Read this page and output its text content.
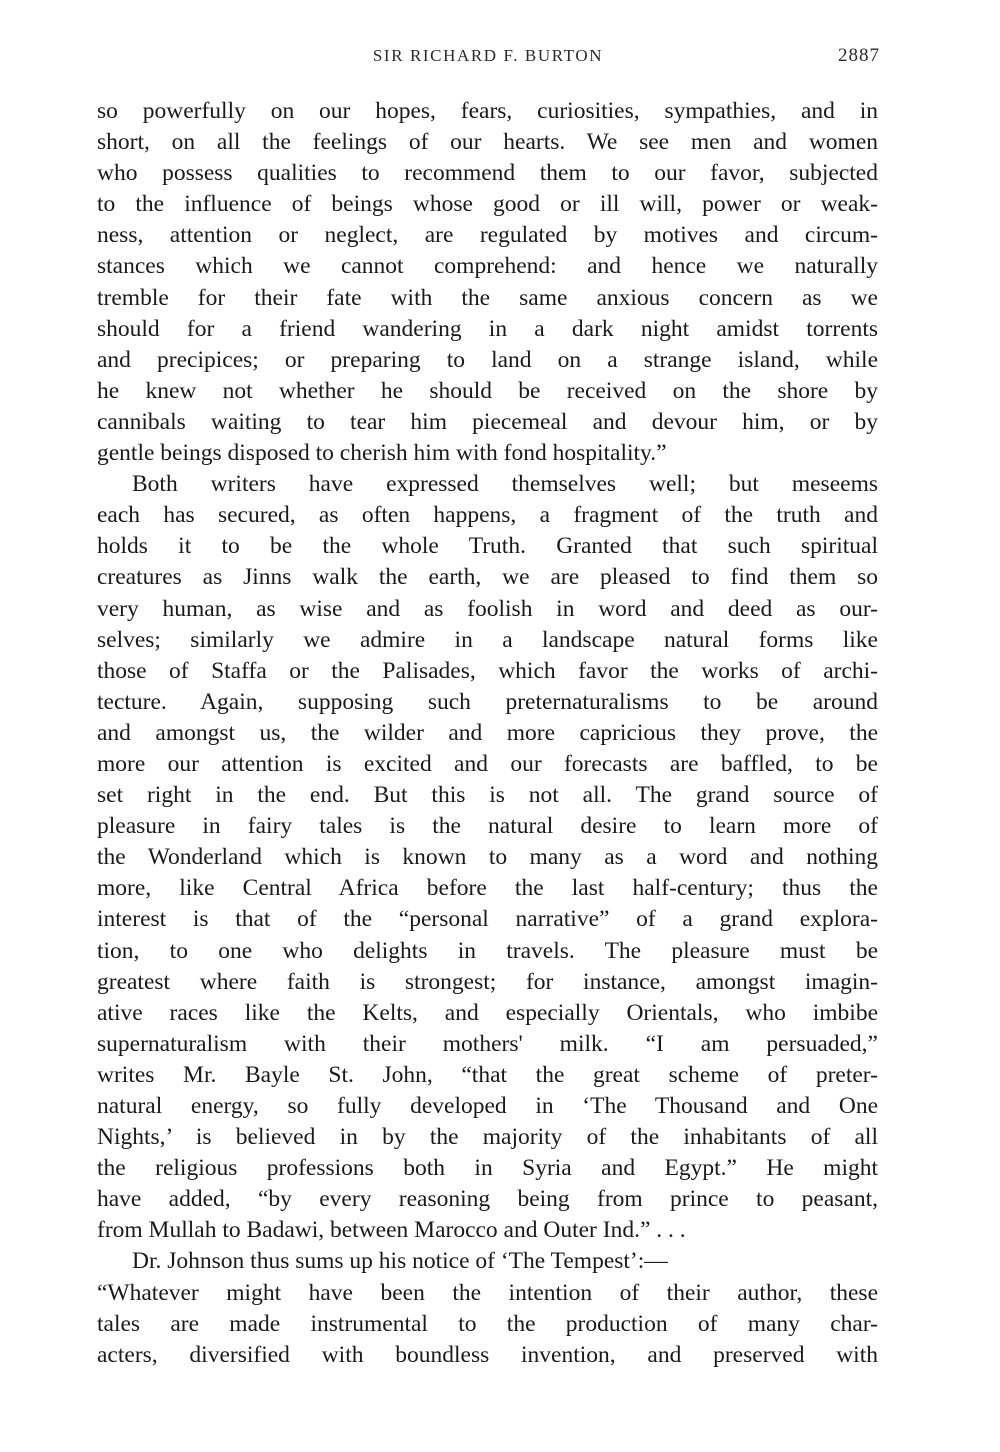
SIR RICHARD F. BURTON	2887
so powerfully on our hopes, fears, curiosities, sympathies, and in
short, on all the feelings of our hearts. We see men and women
who possess qualities to recommend them to our favor, subjected
to the influence of beings whose good or ill will, power or weak-
ness, attention or neglect, are regulated by motives and circum-
stances which we cannot comprehend: and hence we naturally
tremble for their fate with the same anxious concern as we
should for a friend wandering in a dark night amidst torrents
and precipices; or preparing to land on a strange island, while
he knew not whether he should be received on the shore by
cannibals waiting to tear him piecemeal and devour him, or by
gentle beings disposed to cherish him with fond hospitality.”
Both writers have expressed themselves well; but meseems
each has secured, as often happens, a fragment of the truth and
holds it to be the whole Truth. Granted that such spiritual
creatures as Jinns walk the earth, we are pleased to find them so
very human, as wise and as foolish in word and deed as our-
selves; similarly we admire in a landscape natural forms like
those of Staffa or the Palisades, which favor the works of archi-
tecture. Again, supposing such preternaturalisms to be around
and amongst us, the wilder and more capricious they prove, the
more our attention is excited and our forecasts are baffled, to be
set right in the end. But this is not all. The grand source of
pleasure in fairy tales is the natural desire to learn more of
the Wonderland which is known to many as a word and nothing
more, like Central Africa before the last half-century; thus the
interest is that of the “personal narrative” of a grand explora-
tion, to one who delights in travels. The pleasure must be
greatest where faith is strongest; for instance, amongst imagin-
ative races like the Kelts, and especially Orientals, who imbibe
supernaturalism with their mothers' milk. “I am persuaded,”
writes Mr. Bayle St. John, “that the great scheme of preter-
natural energy, so fully developed in ‘The Thousand and One
Nights,’ is believed in by the majority of the inhabitants of all
the religious professions both in Syria and Egypt.” He might
have added, “by every reasoning being from prince to peasant,
from Mullah to Badawi, between Marocco and Outer Ind.” . . .
Dr. Johnson thus sums up his notice of ‘The Tempest’:—
“Whatever might have been the intention of their author, these
tales are made instrumental to the production of many char-
acters, diversified with boundless invention, and preserved with
